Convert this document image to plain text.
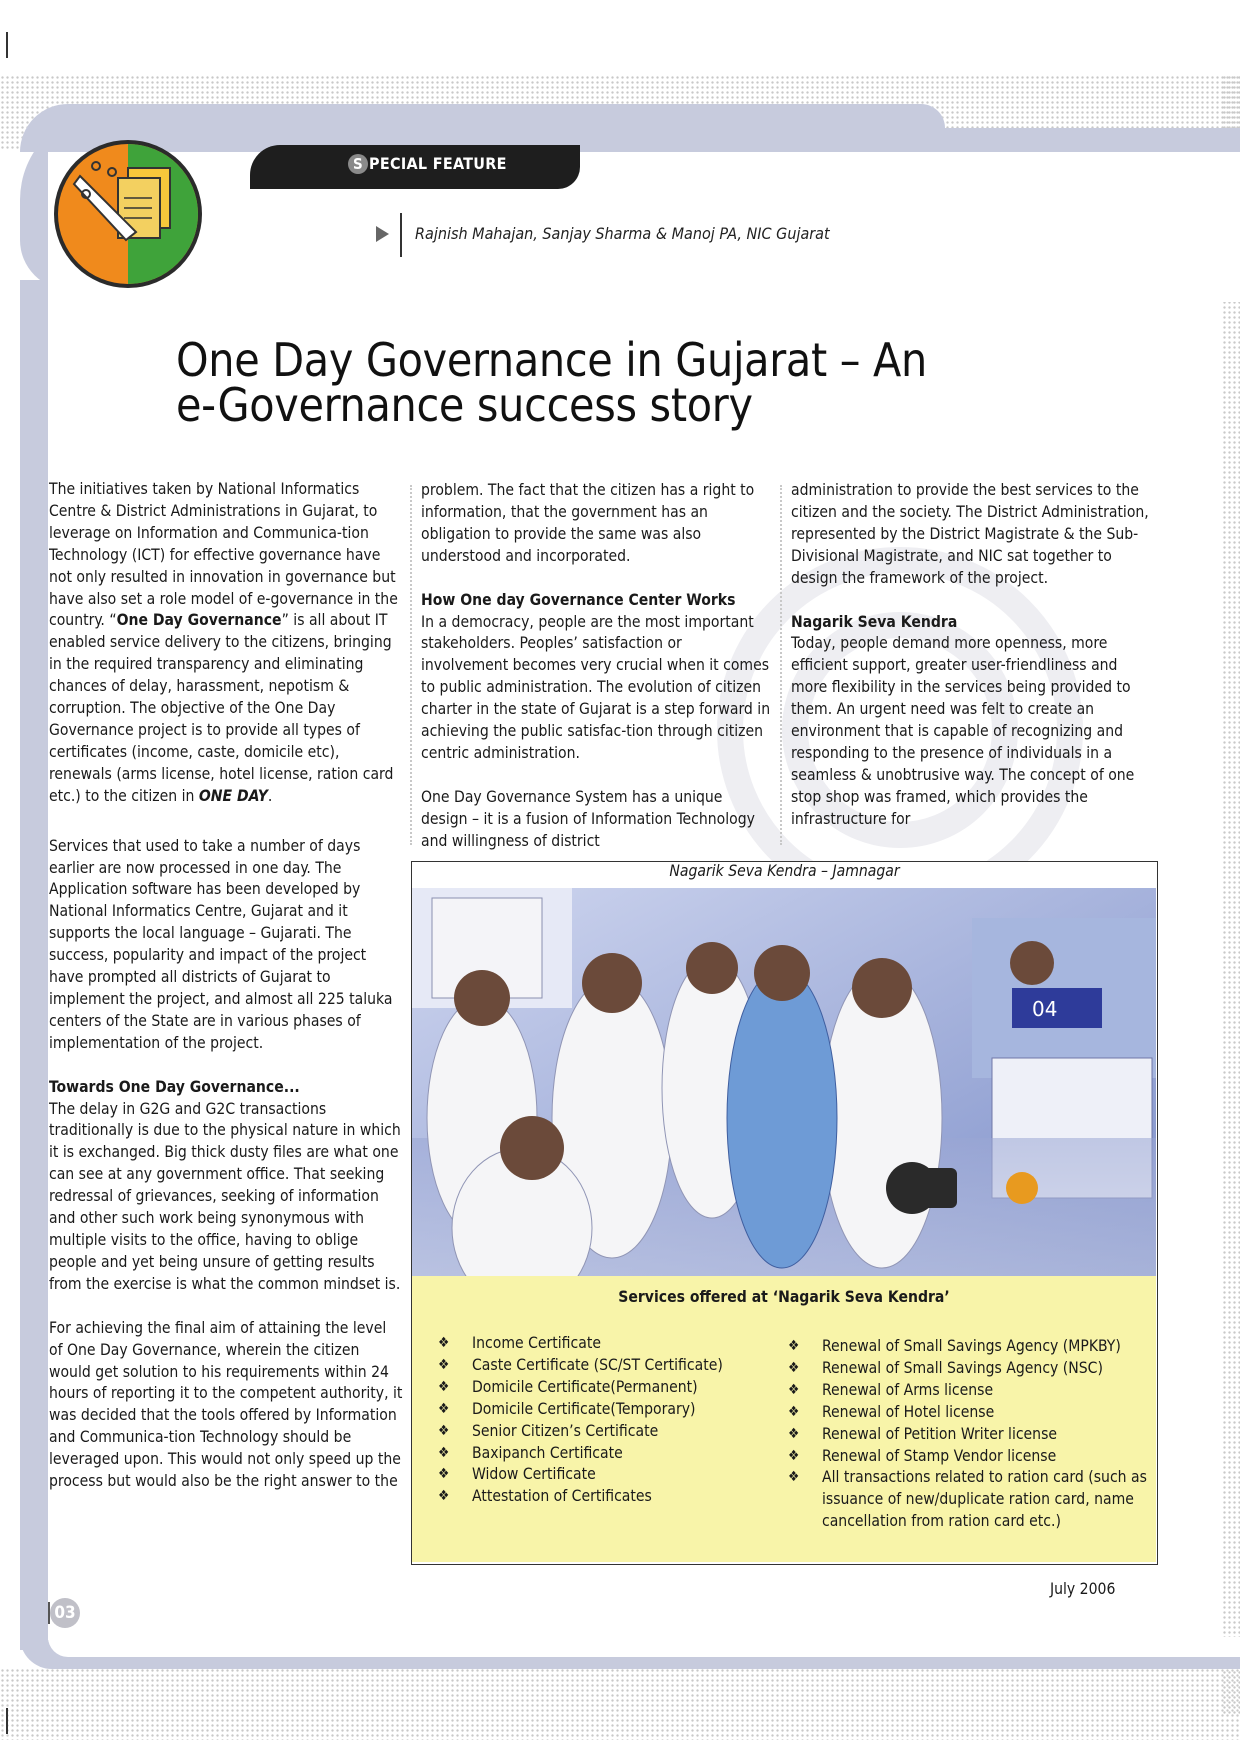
S PECIAL FEATURE
Rajnish Mahajan, Sanjay Sharma & Manoj PA, NIC Gujarat
One Day Governance in Gujarat – An
e-Governance success story

The initiatives taken by National Informatics Centre & District Administrations in Gujarat, to leverage on Information and Communica-tion Technology (ICT) for effective governance have not only resulted in innovation in governance but have also set a role model of e-governance in the country. “One Day Governance” is all about IT enabled service delivery to the citizens, bringing in the required transparency and eliminating chances of delay, harassment, nepotism & corruption. The objective of the One Day Governance project is to provide all types of certificates (income, caste, domicile etc), renewals (arms license, hotel license, ration card etc.) to the citizen in ONE DAY.

Services that used to take a number of days earlier are now processed in one day. The Application software has been developed by National Informatics Centre, Gujarat and it supports the local language – Gujarati. The success, popularity and impact of the project have prompted all districts of Gujarat to implement the project, and almost all 225 taluka centers of the State are in various phases of implementation of the project.

Towards One Day Governance...

The delay in G2G and G2C transactions traditionally is due to the physical nature in which it is exchanged. Big thick dusty files are what one can see at any government office. That seeking redressal of grievances, seeking of information and other such work being synonymous with multiple visits to the office, having to oblige people and yet being unsure of getting results from the exercise is what the common mindset is.

For achieving the final aim of attaining the level of One Day Governance, wherein the citizen would get solution to his requirements within 24 hours of reporting it to the competent authority, it was decided that the tools offered by Information and Communica-tion Technology should be leveraged upon. This would not only speed up the process but would also be the right answer to the

problem. The fact that the citizen has a right to information, that the government has an obligation to provide the same was also understood and incorporated.

How One day Governance Center Works

In a democracy, people are the most important stakeholders. Peoples’ satisfaction or involvement becomes very crucial when it comes to public administration. The evolution of citizen charter in the state of Gujarat is a step forward in achieving the public satisfac-tion through citizen centric administration.

One Day Governance System has a unique design – it is a fusion of Information Technology and willingness of district

administration to provide the best services to the citizen and the society. The District Administration, represented by the District Magistrate & the Sub-Divisional Magistrate, and NIC sat together to design the framework of the project.

Nagarik Seva Kendra

Today, people demand more openness, more efficient support, greater user-friendliness and more flexibility in the services being provided to them. An urgent need was felt to create an environment that is capable of recognizing and responding to the presence of individuals in a seamless & unobtrusive way. The concept of one stop shop was framed, which provides the infrastructure for

Nagarik Seva Kendra – Jamnagar
04
Services offered at ‘Nagarik Seva Kendra’
❖ Income Certificate
❖ Caste Certificate (SC/ST Certificate)
❖ Domicile Certificate(Permanent)
❖ Domicile Certificate(Temporary)
❖ Senior Citizen’s Certificate
❖ Baxipanch Certificate
❖ Widow Certificate
❖ Attestation of Certificates
❖ Renewal of Small Savings Agency (MPKBY)
❖ Renewal of Small Savings Agency (NSC)
❖ Renewal of Arms license
❖ Renewal of Hotel license
❖ Renewal of Petition Writer license
❖ Renewal of Stamp Vendor license
❖ All transactions related to ration card (such as issuance of new/duplicate ration card, name cancellation from ration card etc.)
July 2006
03
